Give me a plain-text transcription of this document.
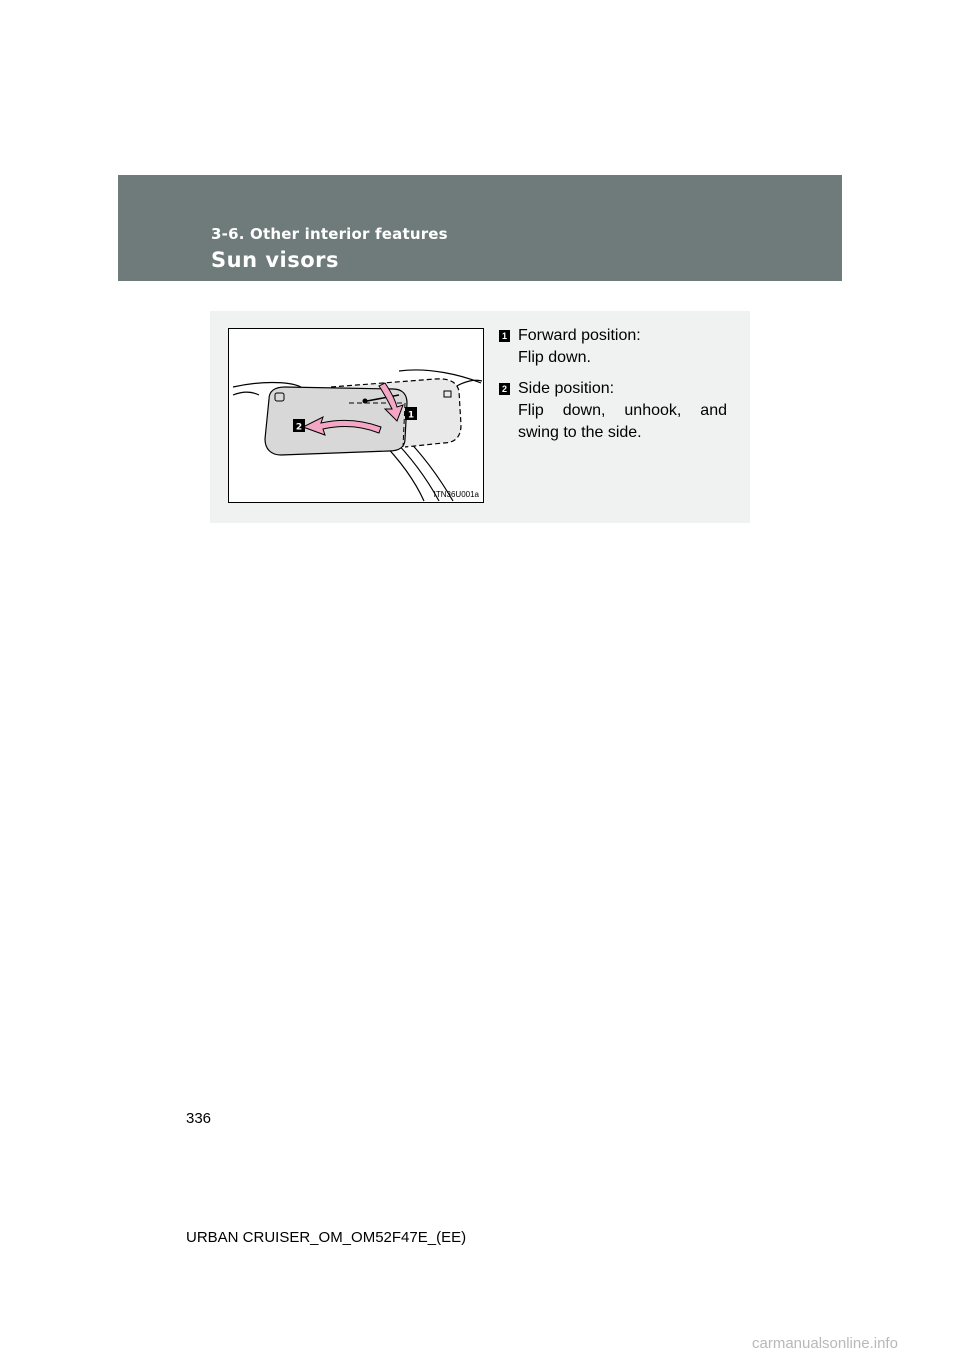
3-6. Other interior features
Sun visors
1
2
ITN36U001a
1 Forward position:
Flip down.
2 Side position:
Flip down, unhook, and swing to the side.
336
URBAN CRUISER_OM_OM52F47E_(EE)
carmanualsonline.info
